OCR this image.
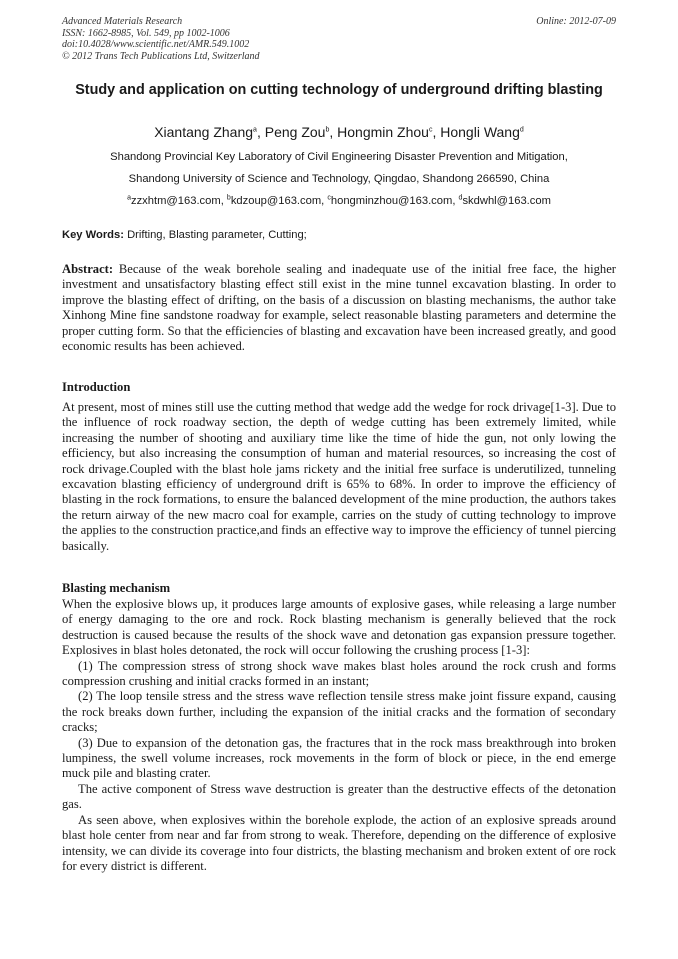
Advanced Materials Research
ISSN: 1662-8985, Vol. 549, pp 1002-1006
doi:10.4028/www.scientific.net/AMR.549.1002
© 2012 Trans Tech Publications Ltd, Switzerland
Online: 2012-07-09
Study and application on cutting technology of underground drifting blasting
Xiantang Zhang$^a$, Peng Zou$^b$, Hongmin Zhou$^c$, Hongli Wang$^d$
Shandong Provincial Key Laboratory of Civil Engineering Disaster Prevention and Mitigation,
Shandong University of Science and Technology, Qingdao, Shandong 266590, China
$^a$zzxhtm@163.com, $^b$kdzoup@163.com, $^c$hongminzhou@163.com, $^d$skdwhl@163.com
Key Words: Drifting, Blasting parameter, Cutting;

Abstract: Because of the weak borehole sealing and inadequate use of the initial free face, the higher investment and unsatisfactory blasting effect still exist in the mine tunnel excavation blasting. In order to improve the blasting effect of drifting, on the basis of a discussion on blasting mechanisms, the author take Xinhong Mine fine sandstone roadway for example, select reasonable blasting parameters and determine the proper cutting form. So that the efficiencies of blasting and excavation have been increased greatly, and good economic results has been achieved.

Introduction

At present, most of mines still use the cutting method that wedge add the wedge for rock drivage[1-3]. Due to the influence of rock roadway section, the depth of wedge cutting has been extremely limited, while increasing the number of shooting and auxiliary time like the time of hide the gun, not only lowing the efficiency, but also increasing the consumption of human and material resources, so increasing the cost of rock drivage.Coupled with the blast hole jams rickety and the initial free surface is underutilized, tunneling excavation blasting efficiency of underground drift is 65% to 68%. In order to improve the efficiency of blasting in the rock formations, to ensure the balanced development of the mine production, the authors takes the return airway of the new macro coal for example, carries on the study of cutting technology to improve the applies to the construction practice,and finds an effective way to improve the efficiency of tunnel piercing basically.

Blasting mechanism

When the explosive blows up, it produces large amounts of explosive gases, while releasing a large number of energy damaging to the ore and rock. Rock blasting mechanism is generally believed that the rock destruction is caused because the results of the shock wave and detonation gas expansion pressure together. Explosives in blast holes detonated, the rock will occur following the crushing process [1-3]:

(1) The compression stress of strong shock wave makes blast holes around the rock crush and forms compression crushing and initial cracks formed in an instant;

(2) The loop tensile stress and the stress wave reflection tensile stress make joint fissure expand, causing the rock breaks down further, including the expansion of the initial cracks and the formation of secondary cracks;

(3) Due to expansion of the detonation gas, the fractures that in the rock mass breakthrough into broken lumpiness, the swell volume increases, rock movements in the form of block or piece, in the end emerge muck pile and blasting crater.

The active component of Stress wave destruction is greater than the destructive effects of the detonation gas.

As seen above, when explosives within the borehole explode, the action of an explosive spreads around blast hole center from near and far from strong to weak. Therefore, depending on the difference of explosive intensity, we can divide its coverage into four districts, the blasting mechanism and broken extent of ore rock for every district is different.
